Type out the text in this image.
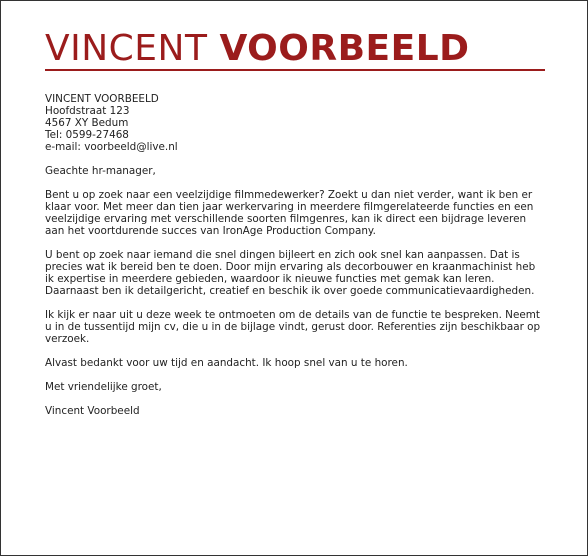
VINCENT VOORBEELD

VINCENT VOORBEELD
Hoofdstraat 123
4567 XY Bedum
Tel: 0599-27468
e-mail: voorbeeld@live.nl

Geachte hr-manager,

Bent u op zoek naar een veelzijdige filmmedewerker? Zoekt u dan niet verder, want ik ben er klaar voor. Met meer dan tien jaar werkervaring in meerdere filmgerelateerde functies en een veelzijdige ervaring met verschillende soorten filmgenres, kan ik direct een bijdrage leveren aan het voortdurende succes van IronAge Production Company.

U bent op zoek naar iemand die snel dingen bijleert en zich ook snel kan aanpassen. Dat is precies wat ik bereid ben te doen. Door mijn ervaring als decorbouwer en kraanmachinist heb ik expertise in meerdere gebieden, waardoor ik nieuwe functies met gemak kan leren. Daarnaast ben ik detailgericht, creatief en beschik ik over goede communicatievaardigheden.

Ik kijk er naar uit u deze week te ontmoeten om de details van de functie te bespreken. Neemt u in de tussentijd mijn cv, die u in de bijlage vindt, gerust door. Referenties zijn beschikbaar op verzoek.

Alvast bedankt voor uw tijd en aandacht. Ik hoop snel van u te horen.

Met vriendelijke groet,

Vincent Voorbeeld
